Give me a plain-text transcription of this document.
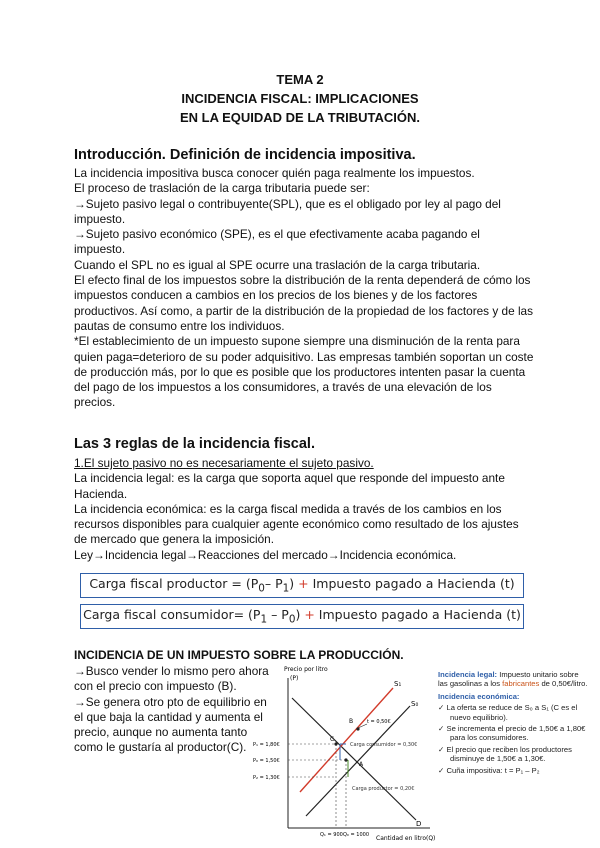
TEMA 2
INCIDENCIA FISCAL: IMPLICACIONES
EN LA EQUIDAD DE LA TRIBUTACIÓN.
Introducción. Definición de incidencia impositiva.

La incidencia impositiva busca conocer quién paga realmente los impuestos.

El proceso de traslación de la carga tributaria puede ser:

→Sujeto pasivo legal o contribuyente(SPL), que es el obligado por ley al pago del impuesto.

→Sujeto pasivo económico (SPE), es el que efectivamente acaba pagando el impuesto.

Cuando el SPL no es igual al SPE ocurre una traslación de la carga tributaria.

El efecto final de los impuestos sobre la distribución de la renta dependerá de cómo los impuestos conducen a cambios en los precios de los bienes y de los factores productivos. Así como, a partir de la distribución de la propiedad de los factores y de las pautas de consumo entre los individuos.

*El establecimiento de un impuesto supone siempre una disminución de la renta para quien paga=deterioro de su poder adquisitivo. Las empresas también soportan un coste de producción más, por lo que es posible que los productores intenten pasar la cuenta del pago de los impuestos a los consumidores, a través de una elevación de los precios.

Las 3 reglas de la incidencia fiscal.

1.El sujeto pasivo no es necesariamente el sujeto pasivo.

La incidencia legal: es la carga que soporta aquel que responde del impuesto ante Hacienda.

La incidencia económica: es la carga fiscal medida a través de los cambios en los recursos disponibles para cualquier agente económico como resultado de los ajustes de mercado que genera la imposición.

Ley→Incidencia legal→Reacciones del mercado→Incidencia económica.

Carga fiscal productor = ($P_0-$ $P_1$) + Impuesto pagado a Hacienda (t)
Carga fiscal consumidor= $(P_1 - P_0)$ + Impuesto pagado a Hacienda (t)
INCIDENCIA DE UN IMPUESTO SOBRE LA PRODUCCIÓN.

→Busco vender lo mismo pero ahora con el precio con impuesto (B).

→Se genera otro pto de equilibrio en el que baja la cantidad y aumenta el precio, aunque no aumenta tanto como le gustaría al productor(C).

Precio por litro
(P)
Cantidad en litro(Q)
D
S₀
S₁
t = 0,50€
P₁ = 1,80€
P₀ = 1,50€
P₂ = 1,30€
Q₁ = 900 Q₀ = 1000
A
B
C
Carga consumidor = 0,30€
Carga productor = 0,20€

Incidencia legal: Impuesto unitario sobre las gasolinas a los fabricantes de 0,50€/litro.

Incidencia económica:

✓ La oferta se reduce de S₀ a S₁ (C es el nuevo equilibrio).

✓ Se incrementa el precio de 1,50€ a 1,80€ para los consumidores.

✓ El precio que reciben los productores disminuye de 1,50€ a 1,30€.

✓ Cuña impositiva: t = P₁ – P₂
